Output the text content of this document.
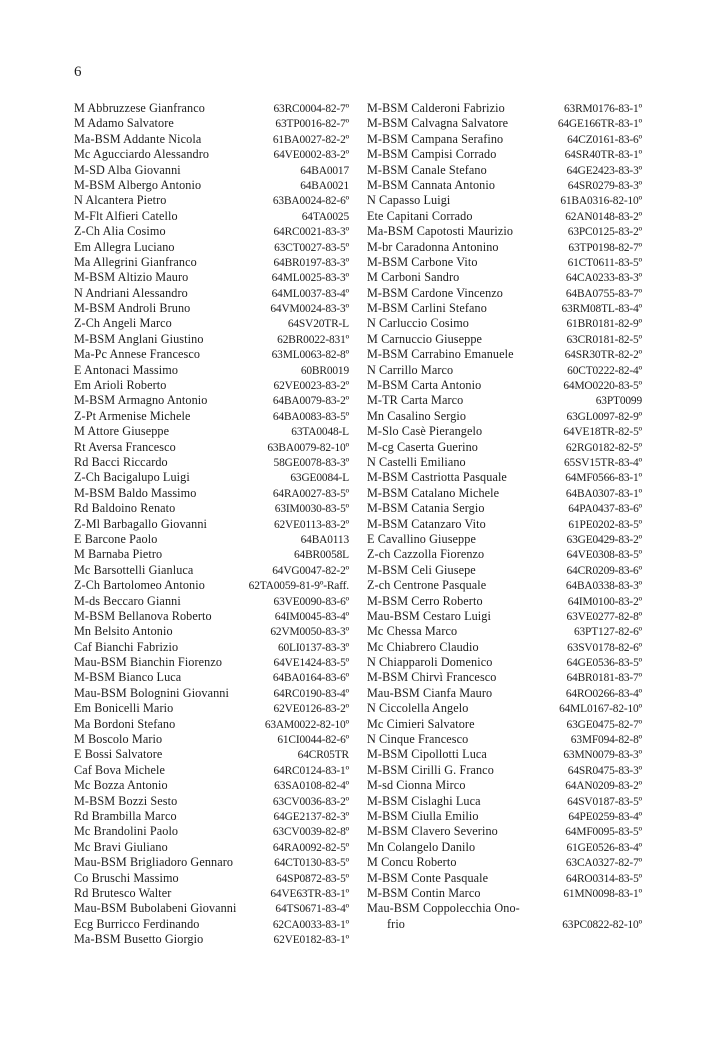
6
M Abbruzzese Gianfranco	63RC0004-82-7º
M Adamo Salvatore	63TP0016-82-7º
Ma-BSM Addante Nicola	61BA0027-82-2º
Mc Agucciardo Alessandro	64VE0002-83-2º
M-SD Alba Giovanni	64BA0017
M-BSM Albergo Antonio	64BA0021
N Alcantera Pietro	63BA0024-82-6º
M-Flt Alfieri Catello	64TA0025
Z-Ch Alia Cosimo	64RC0021-83-3º
Em Allegra Luciano	63CT0027-83-5º
Ma Allegrini Gianfranco	64BR0197-83-3º
M-BSM Altizio Mauro	64ML0025-83-3º
N Andriani Alessandro	64ML0037-83-4º
M-BSM Androli Bruno	64VM0024-83-3º
Z-Ch Angeli Marco	64SV20TR-L
M-BSM Anglani Giustino	62BR0022-831º
Ma-Pc Annese Francesco	63ML0063-82-8º
E Antonaci Massimo	60BR0019
Em Arioli Roberto	62VE0023-83-2º
M-BSM Armagno Antonio	64BA0079-83-2º
Z-Pt Armenise Michele	64BA0083-83-5º
M Attore Giuseppe	63TA0048-L
Rt Aversa Francesco	63BA0079-82-10º
Rd Bacci Riccardo	58GE0078-83-3º
Z-Ch Bacigalupo Luigi	63GE0084-L
M-BSM Baldo Massimo	64RA0027-83-5º
Rd Baldoino Renato	63IM0030-83-5º
Z-Ml Barbagallo Giovanni	62VE0113-83-2º
E Barcone Paolo	64BA0113
M Barnaba Pietro	64BR0058L
Mc Barsottelli Gianluca	64VG0047-82-2º
Z-Ch Bartolomeo Antonio	62TA0059-81-9º-Raff.
M-ds Beccaro Gianni	63VE0090-83-6º
M-BSM Bellanova Roberto	64IM0045-83-4º
Mn Belsito Antonio	62VM0050-83-3º
Caf Bianchi Fabrizio	60LI0137-83-3º
Mau-BSM Bianchin Fiorenzo	64VE1424-83-5º
M-BSM Bianco Luca	64BA0164-83-6º
Mau-BSM Bolognini Giovanni	64RC0190-83-4º
Em Bonicelli Mario	62VE0126-83-2º
Ma Bordoni Stefano	63AM0022-82-10º
M Boscolo Mario	61CI0044-82-6º
E Bossi Salvatore	64CR05TR
Caf Bova Michele	64RC0124-83-1º
Mc Bozza Antonio	63SA0108-82-4º
M-BSM Bozzi Sesto	63CV0036-83-2º
Rd Brambilla Marco	64GE2137-82-3º
Mc Brandolini Paolo	63CV0039-82-8º
Mc Bravi Giuliano	64RA0092-82-5º
Mau-BSM Brigliadoro Gennaro	64CT0130-83-5º
Co Bruschi Massimo	64SP0872-83-5º
Rd Brutesco Walter	64VE63TR-83-1º
Mau-BSM Bubolabeni Giovanni	64TS0671-83-4º
Ecg Burricco Ferdinando	62CA0033-83-1º
Ma-BSM Busetto Giorgio	62VE0182-83-1º
M-BSM Calderoni Fabrizio	63RM0176-83-1º
M-BSM Calvagna Salvatore	64GE166TR-83-1º
M-BSM Campana Serafino	64CZ0161-83-6º
M-BSM Campisi Corrado	64SR40TR-83-1º
M-BSM Canale Stefano	64GE2423-83-3º
M-BSM Cannata Antonio	64SR0279-83-3º
N Capasso Luigi	61BA0316-82-10º
Ete Capitani Corrado	62AN0148-83-2º
Ma-BSM Capotosti Maurizio	63PC0125-83-2º
M-br Caradonna Antonino	63TP0198-82-7º
M-BSM Carbone Vito	61CT0611-83-5º
M Carboni Sandro	64CA0233-83-3º
M-BSM Cardone Vincenzo	64BA0755-83-7º
M-BSM Carlini Stefano	63RM08TL-83-4º
N Carluccio Cosimo	61BR0181-82-9º
M Carnuccio Giuseppe	63CR0181-82-5º
M-BSM Carrabino Emanuele	64SR30TR-82-2º
N Carrillo Marco	60CT0222-82-4º
M-BSM Carta Antonio	64MO0220-83-5º
M-TR Carta Marco	63PT0099
Mn Casalino Sergio	63GL0097-82-9º
M-Slo Casè Pierangelo	64VE18TR-82-5º
M-cg Caserta Guerino	62RG0182-82-5º
N Castelli Emiliano	65SV15TR-83-4º
M-BSM Castriotta Pasquale	64MF0566-83-1º
M-BSM Catalano Michele	64BA0307-83-1º
M-BSM Catania Sergio	64PA0437-83-6º
M-BSM Catanzaro Vito	61PE0202-83-5º
E Cavallino Giuseppe	63GE0429-83-2º
Z-ch Cazzolla Fiorenzo	64VE0308-83-5º
M-BSM Celi Giusepe	64CR0209-83-6º
Z-ch Centrone Pasquale	64BA0338-83-3º
M-BSM Cerro Roberto	64IM0100-83-2º
Mau-BSM Cestaro Luigi	63VE0277-82-8º
Mc Chessa Marco	63PT127-82-6º
Mc Chiabrero Claudio	63SV0178-82-6º
N Chiapparoli Domenico	64GE0536-83-5º
M-BSM Chirvì Francesco	64BR0181-83-7º
Mau-BSM Cianfa Mauro	64RO0266-83-4º
N Ciccolella Angelo	64ML0167-82-10º
Mc Cimieri Salvatore	63GE0475-82-7º
N Cinque Francesco	63MF094-82-8º
M-BSM Cipollotti Luca	63MN0079-83-3º
M-BSM Cirilli G. Franco	64SR0475-83-3º
M-sd Cionna Mirco	64AN0209-83-2º
M-BSM Cislaghi Luca	64SV0187-83-5º
M-BSM Ciulla Emilio	64PE0259-83-4º
M-BSM Clavero Severino	64MF0095-83-5º
Mn Colangelo Danilo	61GE0526-83-4º
M Concu Roberto	63CA0327-82-7º
M-BSM Conte Pasquale	64RO0314-83-5º
M-BSM Contin Marco	61MN0098-83-1º
Mau-BSM Coppolecchia Ono-
frio	63PC0822-82-10º
